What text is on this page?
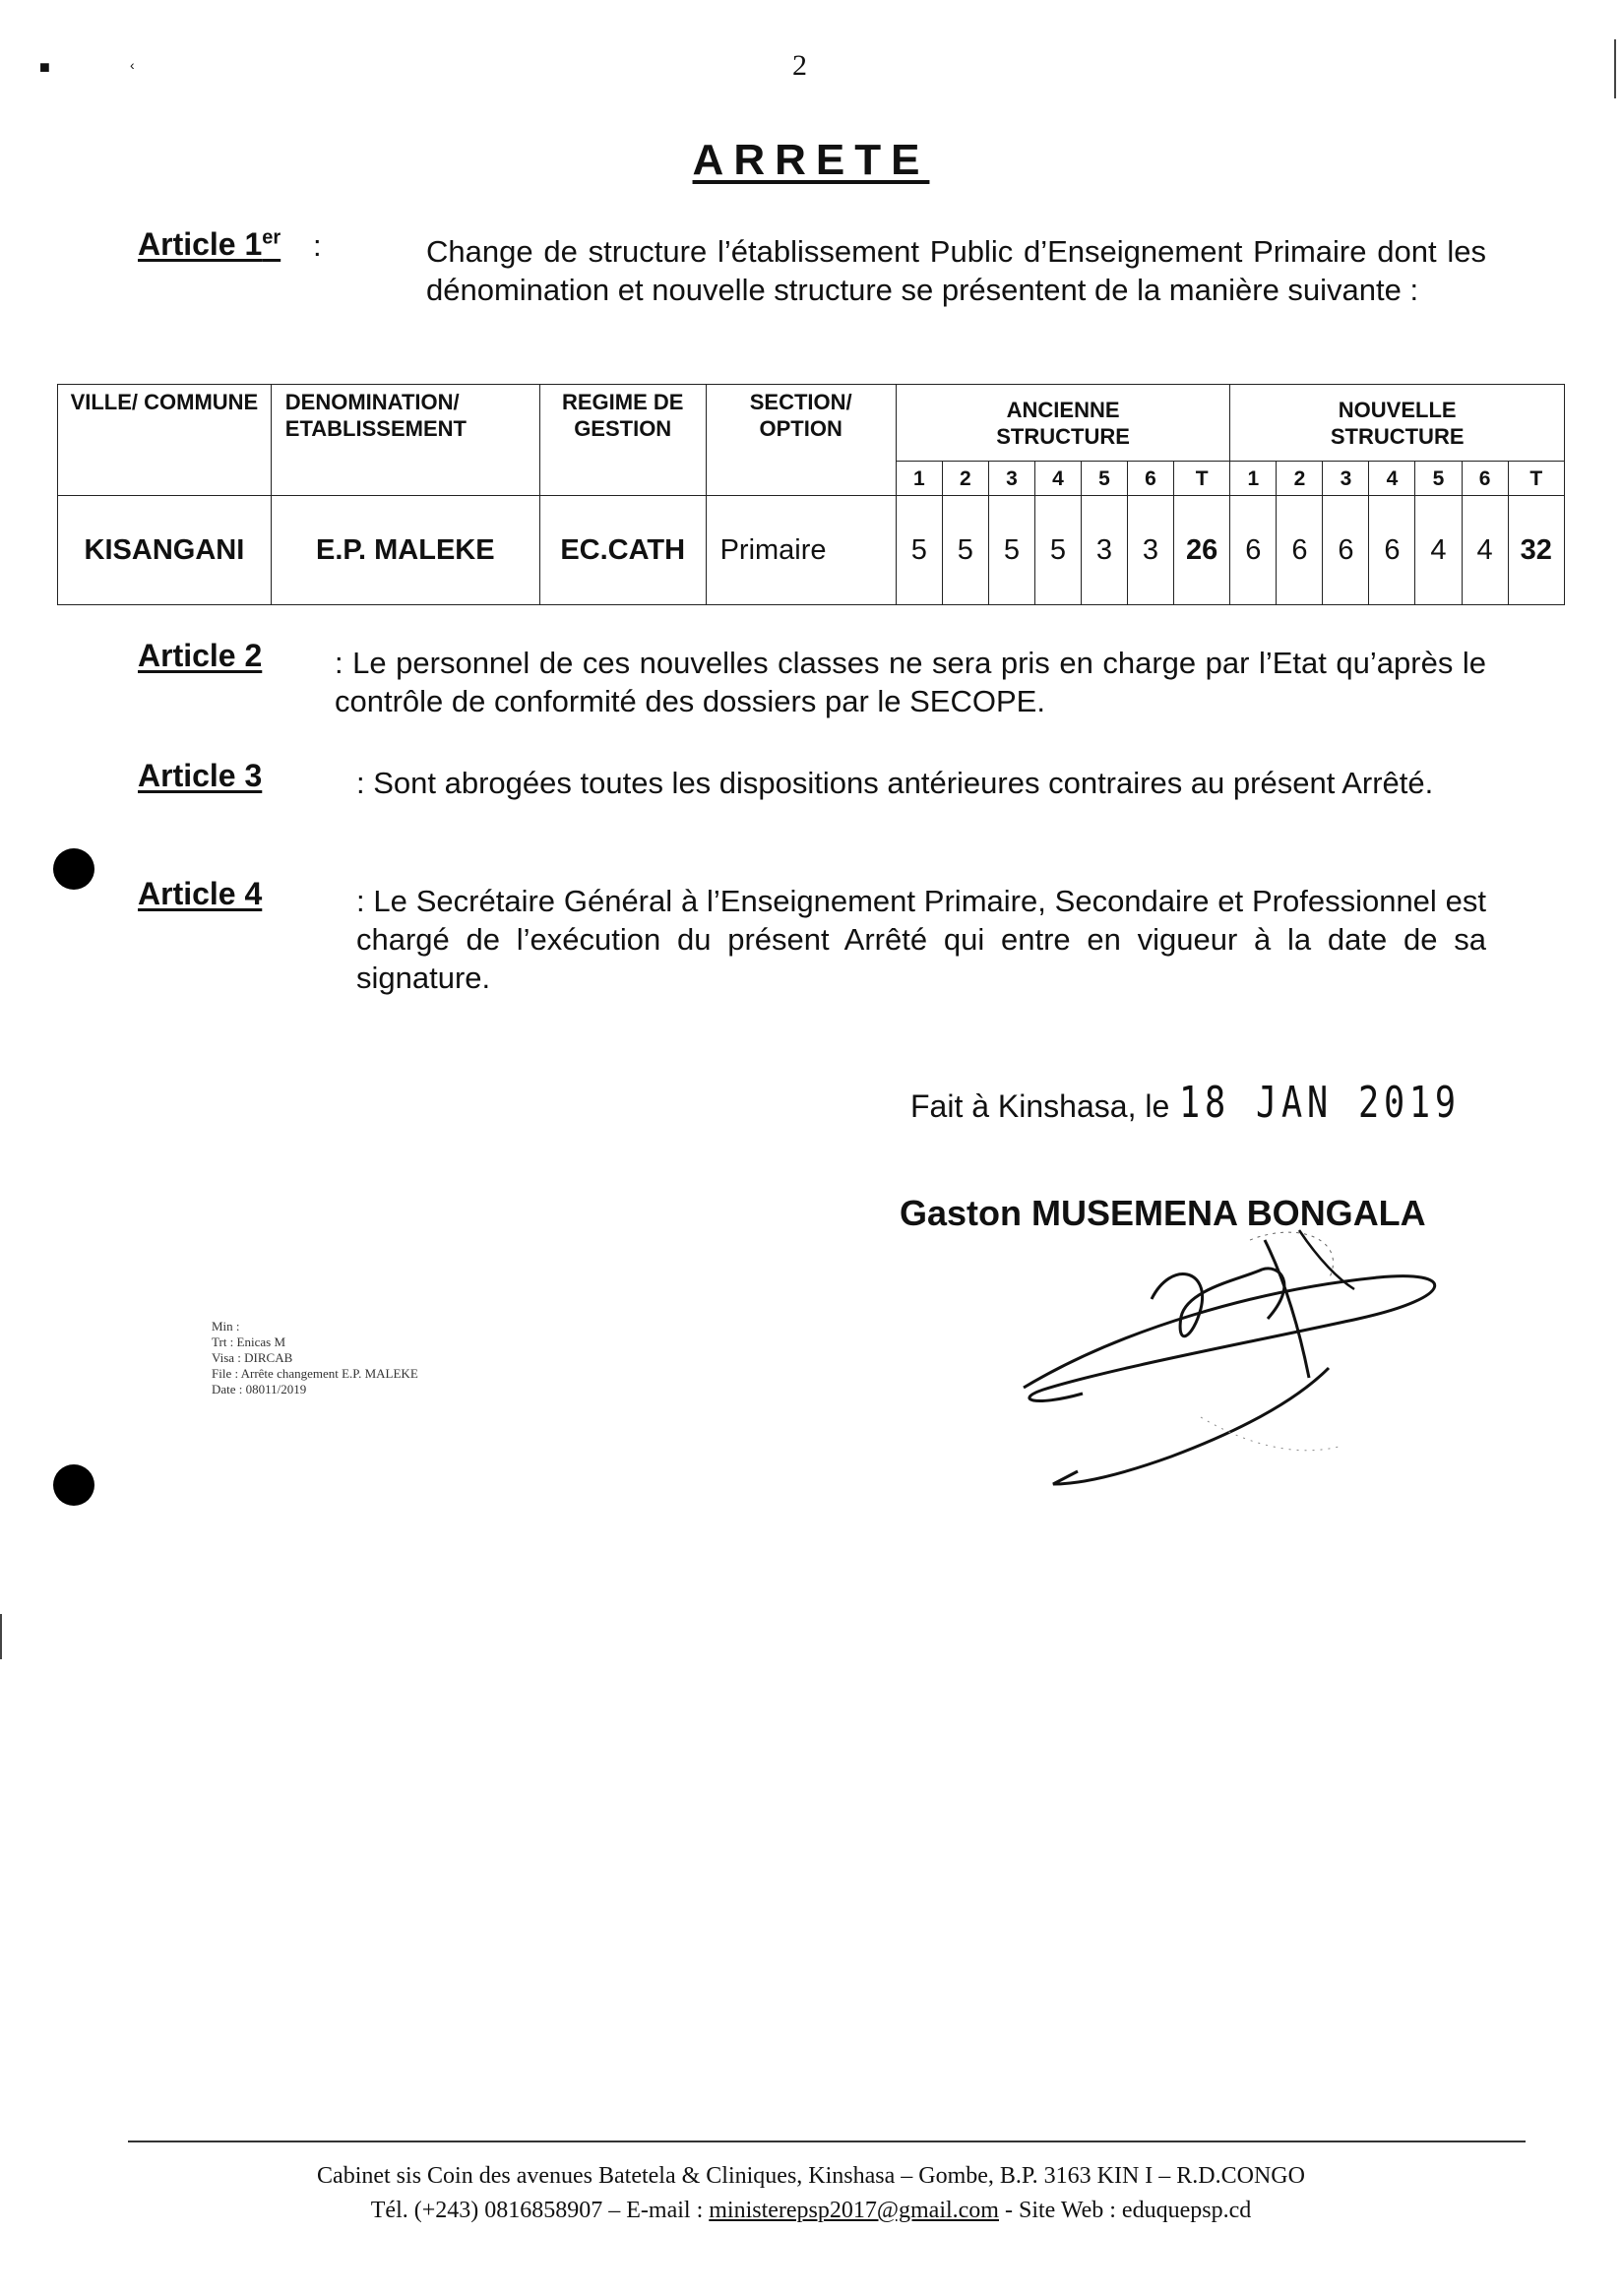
■	‹	2
ARRETE
Article 1er :	Change de structure l’établissement Public d’Enseignement Primaire dont les dénomination et nouvelle structure se présentent de la manière suivante :
VILLE/ COMMUNE	DENOMINATION/ ETABLISSEMENT	REGIME DE GESTION	SECTION/ OPTION	ANCIENNE STRUCTURE							NOUVELLE STRUCTURE						
				1	2	3	4	5	6	T	1	2	3	4	5	6	T
KISANGANI	E.P. MALEKE	EC.CATH	Primaire	5	5	5	5	3	3	26	6	6	6	6	4	4	32
Article 2 : Le personnel de ces nouvelles classes ne sera pris en charge par l’Etat qu’après le contrôle de conformité des dossiers par le SECOPE.
Article 3	: Sont abrogées toutes les dispositions antérieures contraires au présent Arrêté.
Article 4	: Le Secrétaire Général à l’Enseignement Primaire, Secondaire et Professionnel est chargé de l’exécution du présent Arrêté qui entre en vigueur à la date de sa signature.
Fait à Kinshasa, le 18 JAN 2019
Gaston MUSEMENA BONGALA
Min :
Trt : Enicas M
Visa : DIRCAB
File : Arrête changement E.P. MALEKE
Date : 08011/2019
Cabinet sis Coin des avenues Batetela & Cliniques, Kinshasa – Gombe, B.P. 3163 KIN I – R.D.CONGO
Tél. (+243) 0816858907 – E-mail : ministerepsp2017@gmail.com - Site Web : eduquepsp.cd
